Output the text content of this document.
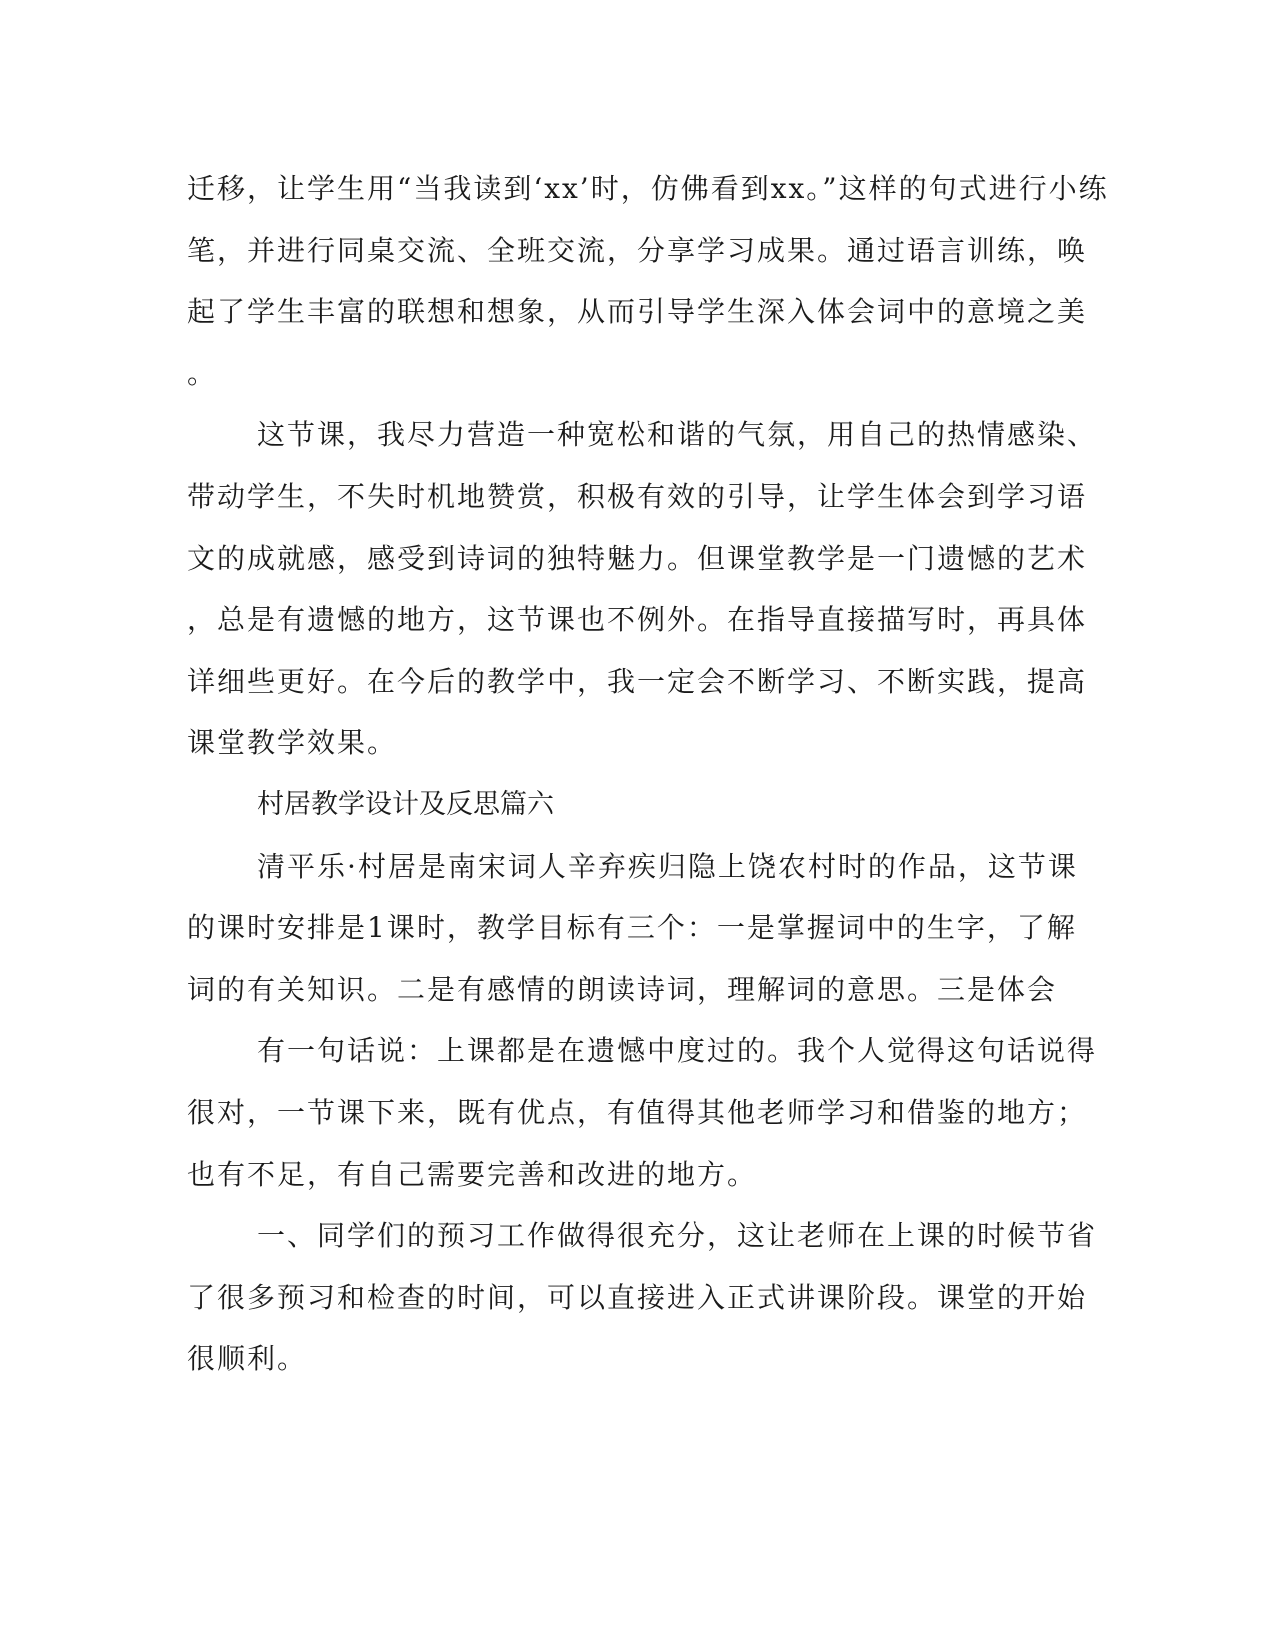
迁移，让学生用“当我读到‘xx’时，仿佛看到xx。”这样的句式进行小练
笔，并进行同桌交流、全班交流，分享学习成果。通过语言训练，唤
起了学生丰富的联想和想象，从而引导学生深入体会词中的意境之美
。
这节课，我尽力营造一种宽松和谐的气氛，用自己的热情感染、
带动学生，不失时机地赞赏，积极有效的引导，让学生体会到学习语
文的成就感，感受到诗词的独特魅力。但课堂教学是一门遗憾的艺术
，总是有遗憾的地方，这节课也不例外。在指导直接描写时，再具体
详细些更好。在今后的教学中，我一定会不断学习、不断实践，提高
课堂教学效果。
村居教学设计及反思篇六
清平乐·村居是南宋词人辛弃疾归隐上饶农村时的作品，这节课
的课时安排是1课时，教学目标有三个：一是掌握词中的生字，了解
词的有关知识。二是有感情的朗读诗词，理解词的意思。三是体会
有一句话说：上课都是在遗憾中度过的。我个人觉得这句话说得
很对，一节课下来，既有优点，有值得其他老师学习和借鉴的地方；
也有不足，有自己需要完善和改进的地方。
一、同学们的预习工作做得很充分，这让老师在上课的时候节省
了很多预习和检查的时间，可以直接进入正式讲课阶段。课堂的开始
很顺利。
